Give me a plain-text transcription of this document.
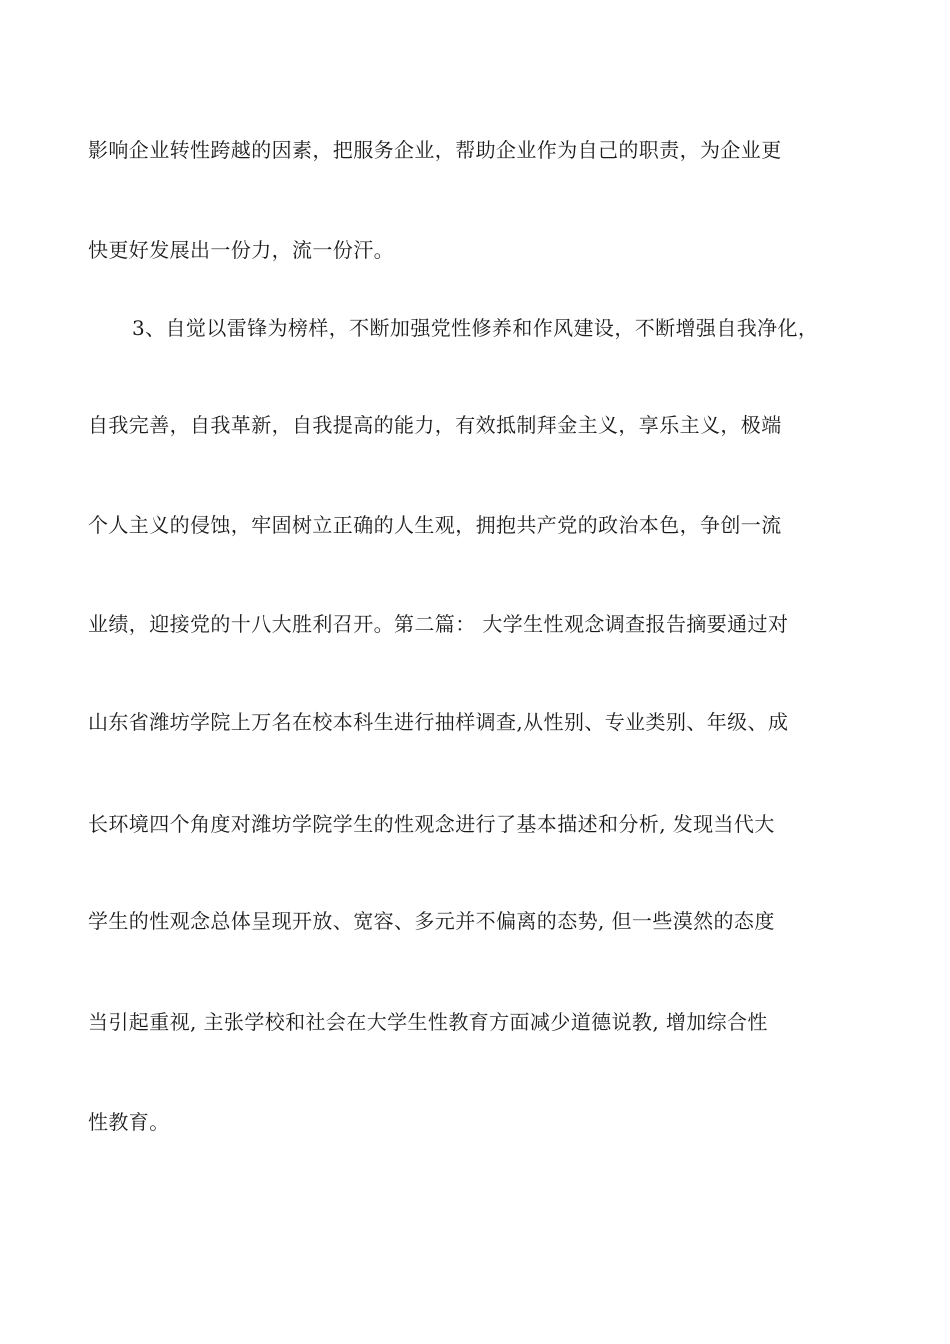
影响企业转性跨越的因素，把服务企业，帮助企业作为自己的职责，为企业更

快更好发展出一份力，流一份汗。

3、自觉以雷锋为榜样，不断加强党性修养和作风建设，不断增强自我净化，

自我完善，自我革新，自我提高的能力，有效抵制拜金主义，享乐主义，极端

个人主义的侵蚀，牢固树立正确的人生观，拥抱共产党的政治本色，争创一流

业绩，迎接党的十八大胜利召开。第二篇： 大学生性观念调查报告摘要通过对

山东省潍坊学院上万名在校本科生进行抽样调查,从性别、专业类别、年级、成

长环境四个角度对潍坊学院学生的性观念进行了基本描述和分析, 发现当代大

学生的性观念总体呈现开放、宽容、多元并不偏离的态势, 但一些漠然的态度

当引起重视, 主张学校和社会在大学生性教育方面减少道德说教, 增加综合性

性教育。
